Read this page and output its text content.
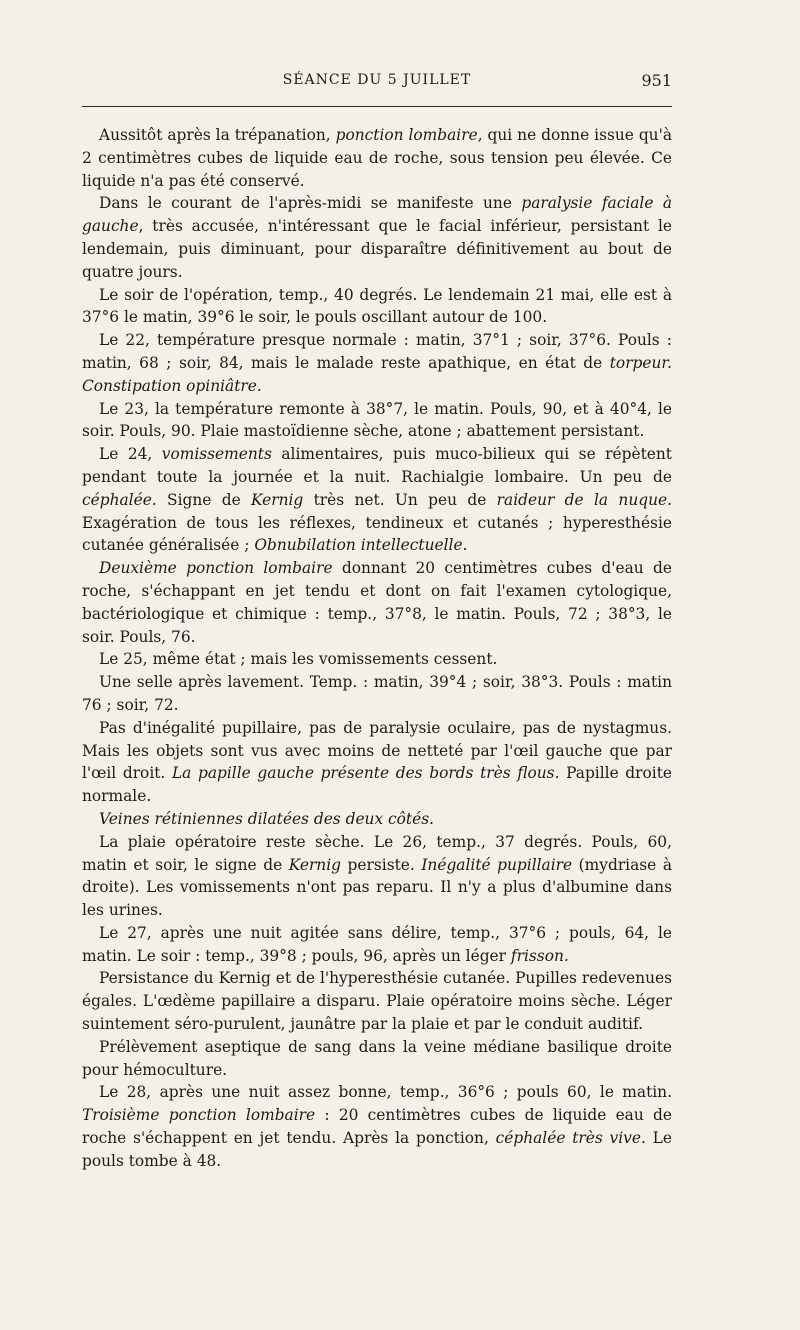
SÉANCE DU 5 JUILLET	951

Aussitôt après la trépanation, ponction lombaire, qui ne donne issue qu'à 2 centimètres cubes de liquide eau de roche, sous tension peu élevée. Ce liquide n'a pas été conservé.

Dans le courant de l'après-midi se manifeste une paralysie faciale à gauche, très accusée, n'intéressant que le facial inférieur, persistant le lendemain, puis diminuant, pour disparaître définitivement au bout de quatre jours.

Le soir de l'opération, temp., 40 degrés. Le lendemain 21 mai, elle est à 37°6 le matin, 39°6 le soir, le pouls oscillant autour de 100.

Le 22, température presque normale : matin, 37°1 ; soir, 37°6. Pouls : matin, 68 ; soir, 84, mais le malade reste apathique, en état de torpeur. Constipation opiniâtre.

Le 23, la température remonte à 38°7, le matin. Pouls, 90, et à 40°4, le soir. Pouls, 90. Plaie mastoïdienne sèche, atone ; abattement persistant.

Le 24, vomissements alimentaires, puis muco-bilieux qui se répètent pendant toute la journée et la nuit. Rachialgie lombaire. Un peu de céphalée. Signe de Kernig très net. Un peu de raideur de la nuque. Exagération de tous les réflexes, tendineux et cutanés ; hyperesthésie cutanée généralisée ; Obnubilation intellectuelle.

Deuxième ponction lombaire donnant 20 centimètres cubes d'eau de roche, s'échappant en jet tendu et dont on fait l'examen cytologique, bactériologique et chimique : temp., 37°8, le matin. Pouls, 72 ; 38°3, le soir. Pouls, 76.

Le 25, même état ; mais les vomissements cessent.

Une selle après lavement. Temp. : matin, 39°4 ; soir, 38°3. Pouls : matin 76 ; soir, 72.

Pas d'inégalité pupillaire, pas de paralysie oculaire, pas de nystagmus. Mais les objets sont vus avec moins de netteté par l'œil gauche que par l'œil droit. La papille gauche présente des bords très flous. Papille droite normale.

Veines rétiniennes dilatées des deux côtés.

La plaie opératoire reste sèche. Le 26, temp., 37 degrés. Pouls, 60, matin et soir, le signe de Kernig persiste. Inégalité pupillaire (mydriase à droite). Les vomissements n'ont pas reparu. Il n'y a plus d'albumine dans les urines.

Le 27, après une nuit agitée sans délire, temp., 37°6 ; pouls, 64, le matin. Le soir : temp., 39°8 ; pouls, 96, après un léger frisson.

Persistance du Kernig et de l'hyperesthésie cutanée. Pupilles redevenues égales. L'œdème papillaire a disparu. Plaie opératoire moins sèche. Léger suintement séro-purulent, jaunâtre par la plaie et par le conduit auditif.

Prélèvement aseptique de sang dans la veine médiane basilique droite pour hémoculture.

Le 28, après une nuit assez bonne, temp., 36°6 ; pouls 60, le matin. Troisième ponction lombaire : 20 centimètres cubes de liquide eau de roche s'échappent en jet tendu. Après la ponction, céphalée très vive. Le pouls tombe à 48.
